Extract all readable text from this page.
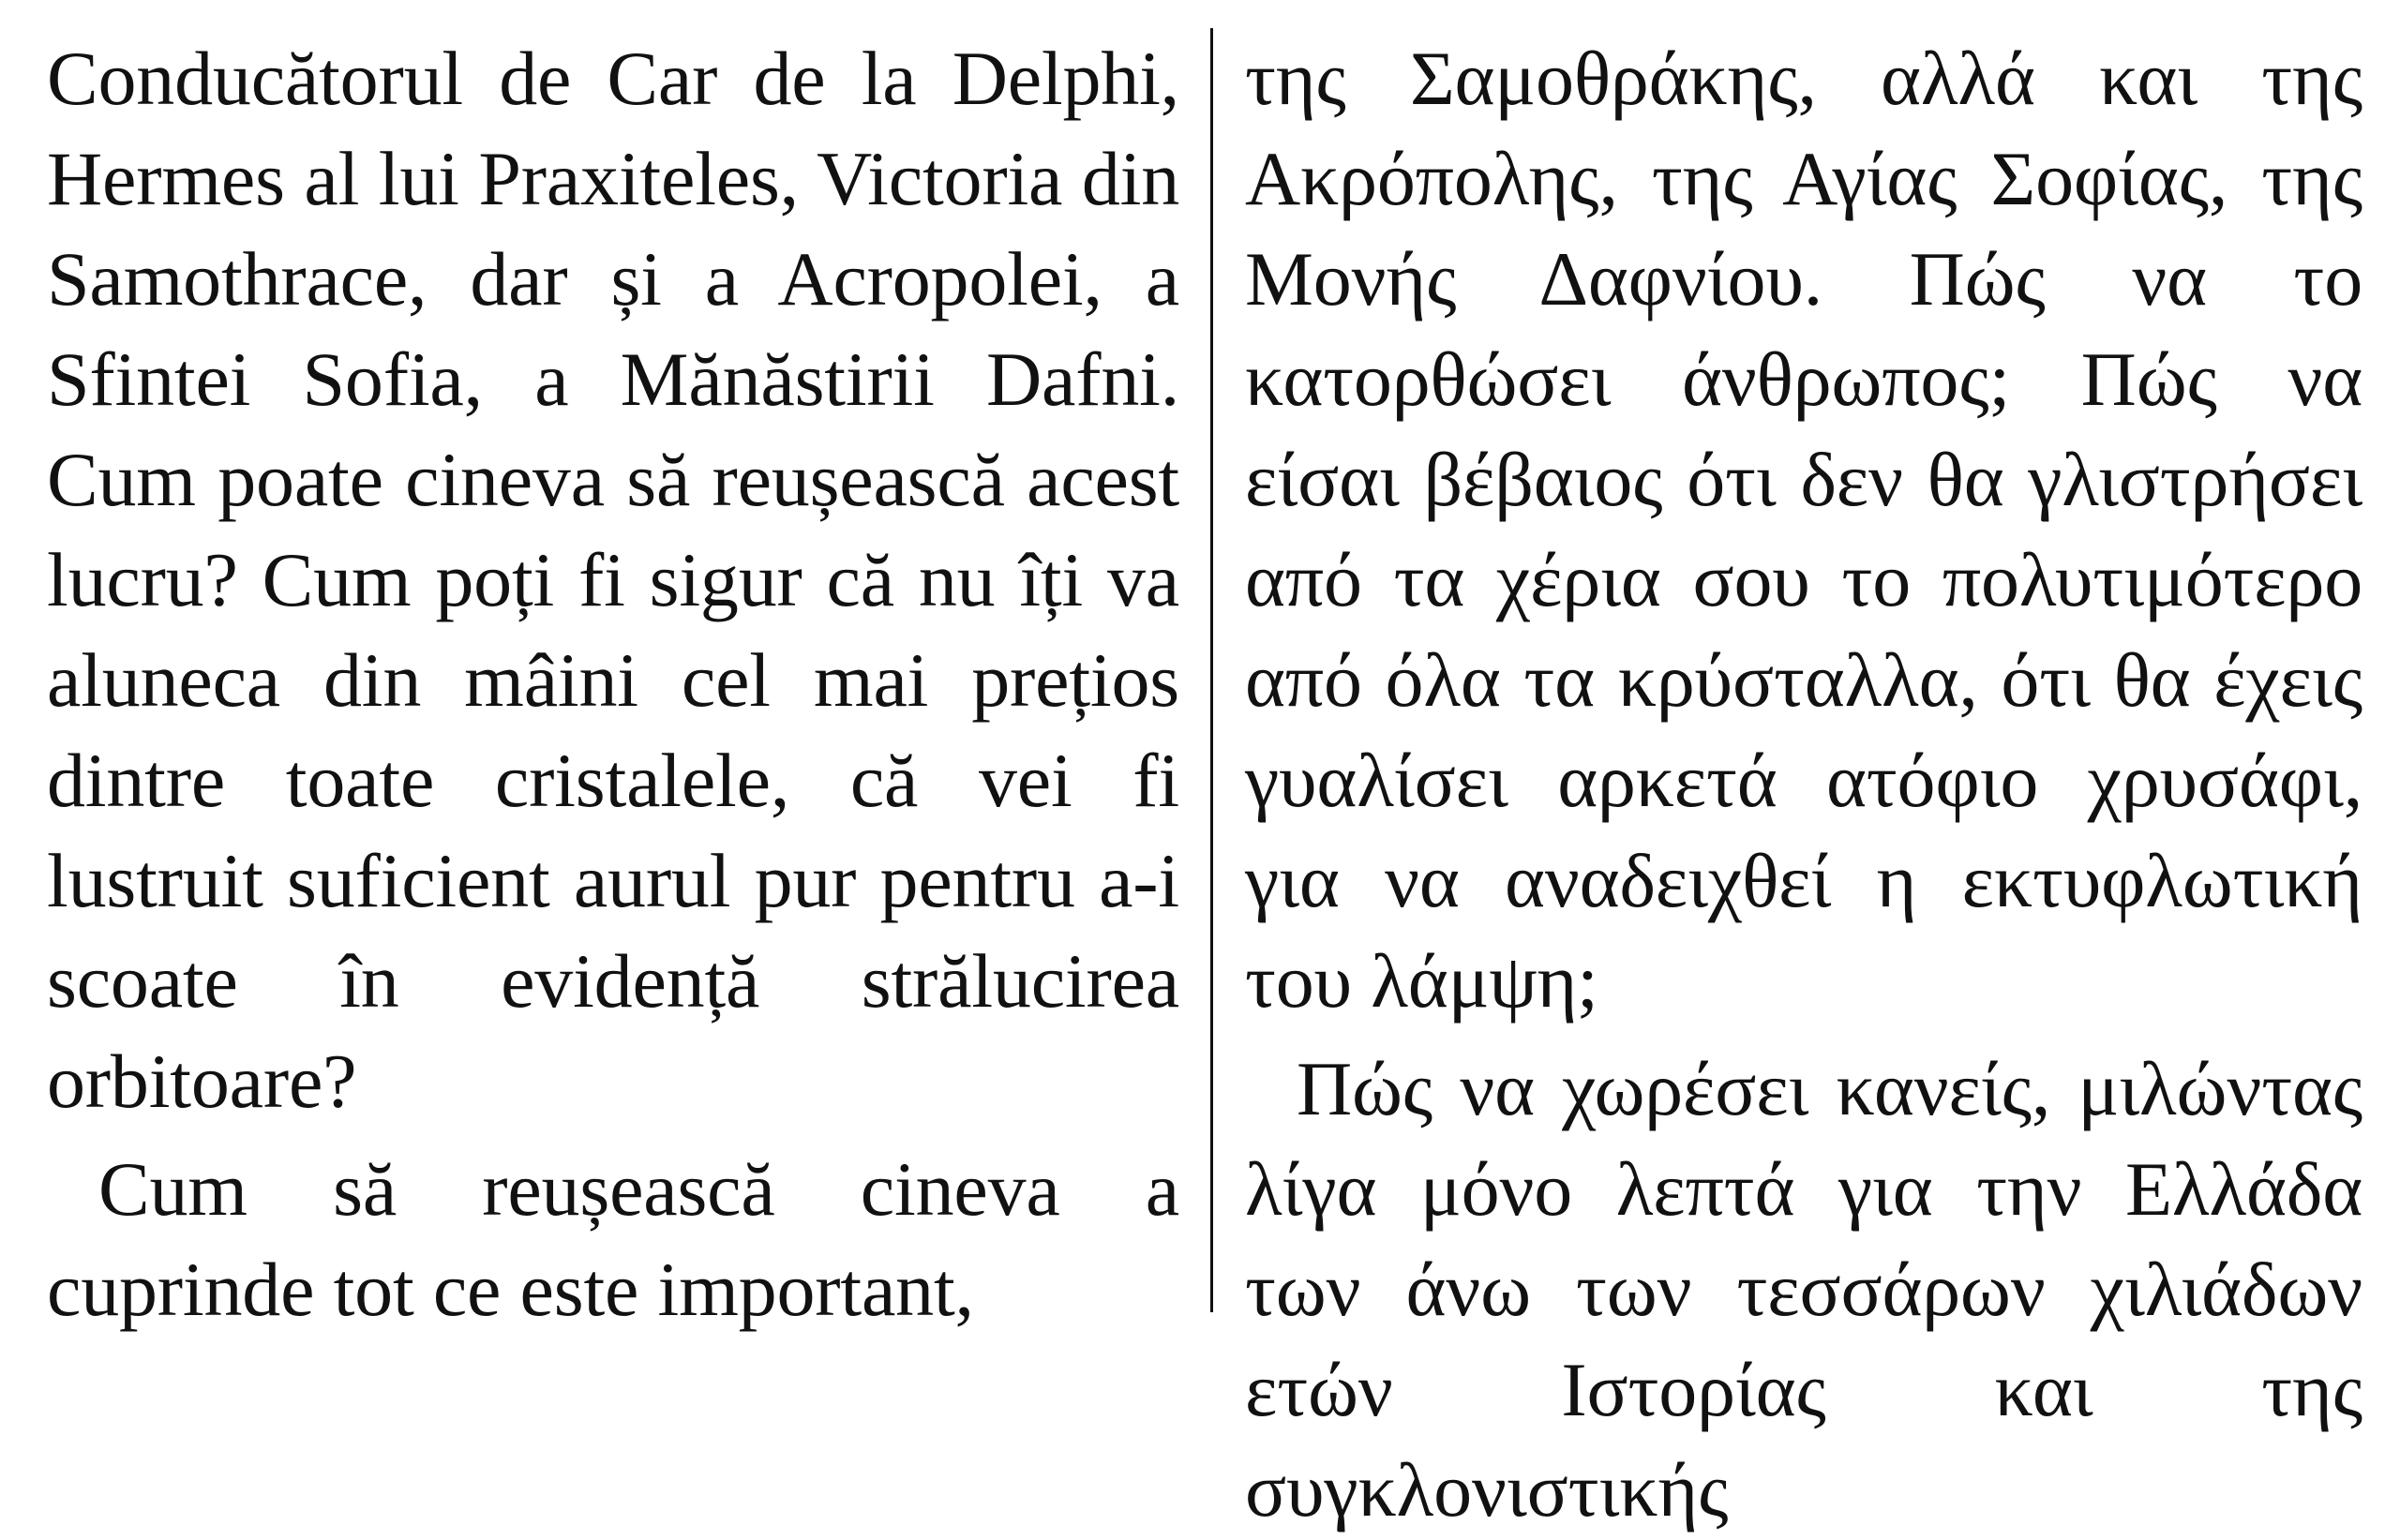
Conducătorul de Car de la Delphi, Hermes al lui Praxiteles, Victoria din Samothrace, dar și a Acropolei, a Sfintei Sofia, a Mănăstirii Dafni. Cum poate cineva să reușească acest lucru? Cum poți fi sigur că nu îți va aluneca din mâini cel mai prețios dintre toate cristalele, că vei fi lustruit suficient aurul pur pentru a-i scoate în evidență strălucirea orbitoare?

Cum să reușească cineva a cuprinde tot ce este important,

της Σαμοθράκης, αλλά και της Ακρόπολης, της Αγίας Σοφίας, της Μονής Δαφνίου. Πώς να το κατορθώσει άνθρωπος; Πώς να είσαι βέβαιος ότι δεν θα γλιστρήσει από τα χέρια σου το πολυτιμότερο από όλα τα κρύσταλλα, ότι θα έχεις γυαλίσει αρκετά ατόφιο χρυσάφι, για να αναδειχθεί η εκτυφλωτική του λάμψη;

Πώς να χωρέσει κανείς, μιλώντας λίγα μόνο λεπτά για την Ελλάδα των άνω των τεσσάρων χιλιάδων ετών Ιστορίας και της συγκλονιστικής
